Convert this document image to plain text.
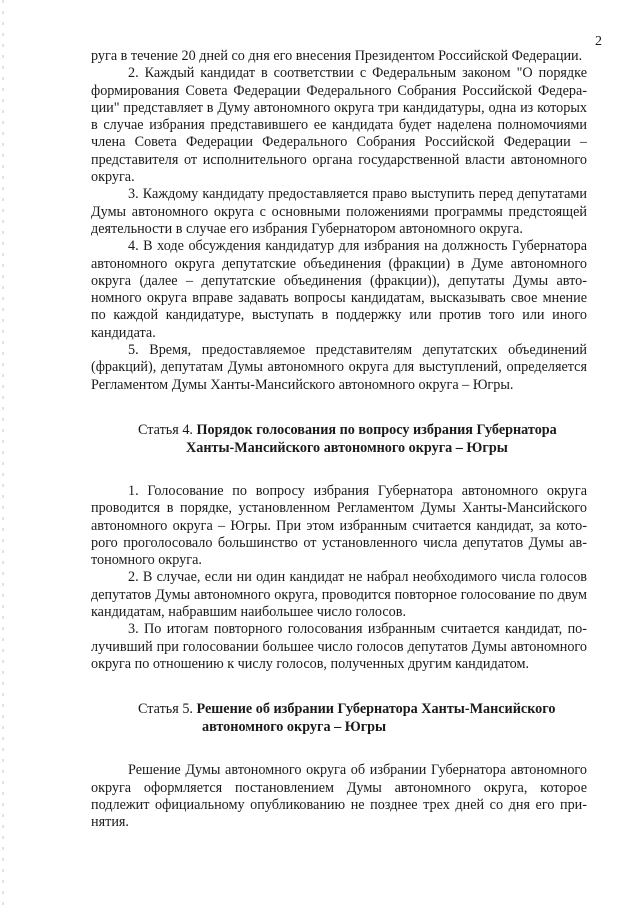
2

руга в течение 20 дней со дня его внесения Президентом Российской Федерации.

2. Каждый кандидат в соответствии с Федеральным законом "О порядке формирования Совета Федерации Федерального Собрания Российской Федерации" представляет в Думу автономного округа три кандидатуры, одна из которых в случае избрания представившего ее кандидата будет наделена полномочиями члена Совета Федерации Федерального Собрания Российской Федерации – представителя от исполнительного органа государственной власти автономного округа.

3. Каждому кандидату предоставляется право выступить перед депутатами Думы автономного округа с основными положениями программы предстоящей деятельности в случае его избрания Губернатором автономного округа.

4. В ходе обсуждения кандидатур для избрания на должность Губернатора автономного округа депутатские объединения (фракции) в Думе автономного округа (далее – депутатские объединения (фракции)), депутаты Думы автономного округа вправе задавать вопросы кандидатам, высказывать свое мнение по каждой кандидатуре, выступать в поддержку или против того или иного кандидата.

5. Время, предоставляемое представителям депутатских объединений (фракций), депутатам Думы автономного округа для выступлений, определяется Регламентом Думы Ханты-Мансийского автономного округа – Югры.

Статья 4. Порядок голосования по вопросу избрания Губернатора
Ханты-Мансийского автономного округа – Югры

1. Голосование по вопросу избрания Губернатора автономного округа проводится в порядке, установленном Регламентом Думы Ханты-Мансийского автономного округа – Югры. При этом избранным считается кандидат, за которого проголосовало большинство от установленного числа депутатов Думы автономного округа.

2. В случае, если ни один кандидат не набрал необходимого числа голосов депутатов Думы автономного округа, проводится повторное голосование по двум кандидатам, набравшим наибольшее число голосов.

3. По итогам повторного голосования избранным считается кандидат, получивший при голосовании большее число голосов депутатов Думы автономного округа по отношению к числу голосов, полученных другим кандидатом.

Статья 5. Решение об избрании Губернатора Ханты-Мансийского
автономного округа – Югры

Решение Думы автономного округа об избрании Губернатора автономного округа оформляется постановлением Думы автономного округа, которое подлежит официальному опубликованию не позднее трех дней со дня его принятия.
